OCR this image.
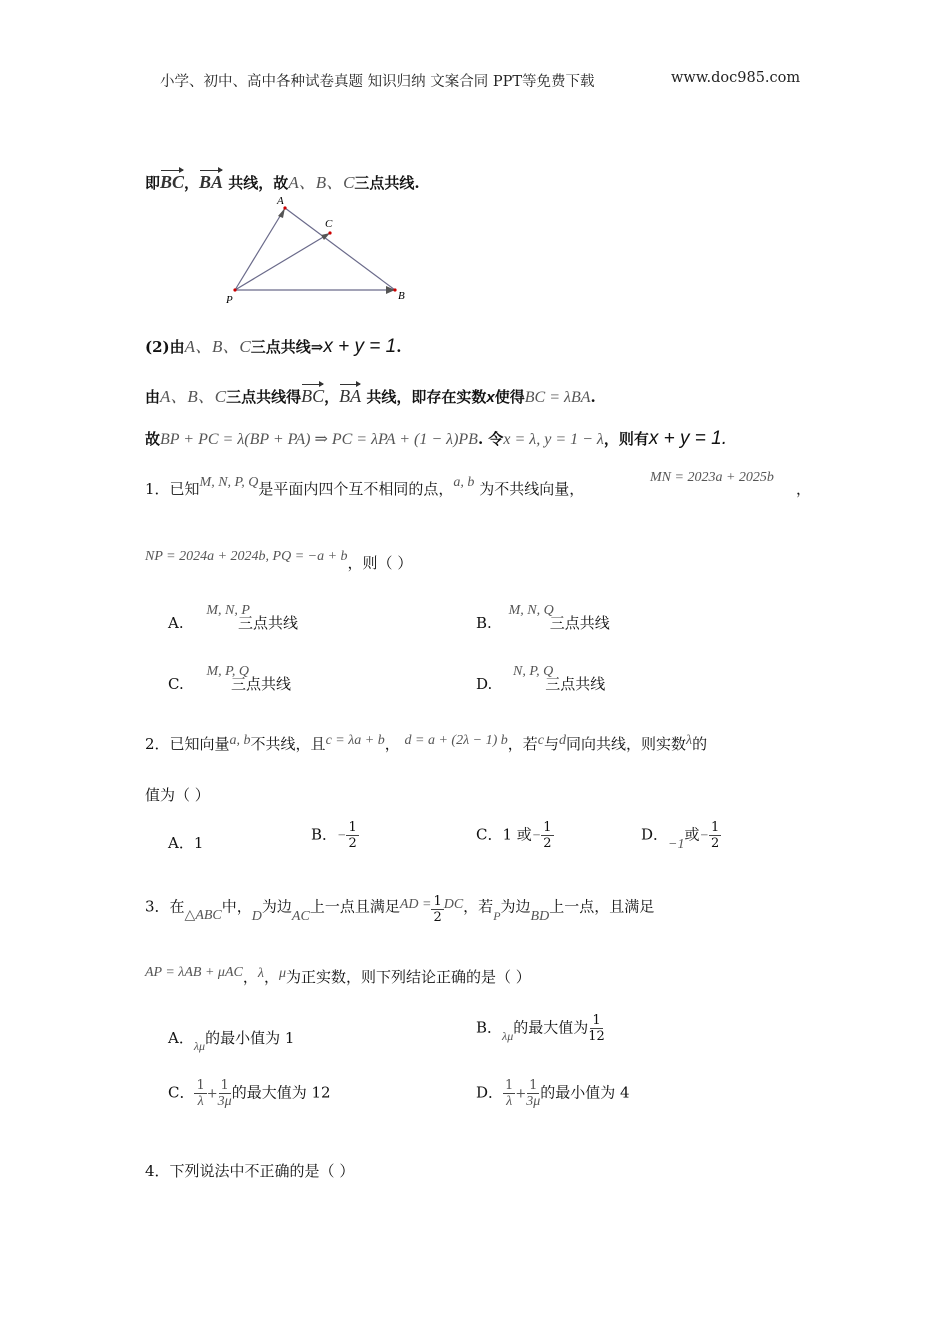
小学、初中、高中各种试卷真题 知识归纳 文案合同 PPT等免费下载	www.doc985.com
即BC，BA 共线，故A、B、C三点共线.
A
C
B
P
(2)由A、B、C三点共线⇒x + y = 1.
由A、B、C三点共线得BC，BA 共线，即存在实数x使得BC = λBA.
故BP + PC = λ(BP + PA) ⇒ PC = λPA + (1 − λ)PB. 令x = λ, y = 1 − λ，则有x + y = 1.
1．已知M, N, P, Q是平面内四个互不相同的点，a, b 为不共线向量，
MN = 2023a + 2025b
，
NP = 2024a + 2024b, PQ = −a + b，则（ ）
A. M, N, P三点共线	B. M, N, Q三点共线
C. M, P, Q三点共线	D. N, P, Q三点共线
2．已知向量a, b不共线，且c = λa + b， d = a + (2λ − 1) b，若c与d同向共线，则实数λ的
值为（ ）
A．1	B．− $\frac{1}{2}$	C．1 或− $\frac{1}{2}$	D．−1或− $\frac{1}{2}$
3．在△ABC中，D为边AC上一点且满足AD = $\frac{1}{2}$ DC，若$_P$为边BD上一点，且满足
AP = λAB + μAC，λ，μ为正实数，则下列结论正确的是（ ）
A．$_{\lambda\mu}$的最小值为 1
B．$_{\lambda\mu}$的最大值为 $\frac{1}{12}$
C． $\frac{1}{\lambda} + \frac{1}{3\mu}$ 的最大值为 12	D． $\frac{1}{\lambda} + \frac{1}{3\mu}$ 的最小值为 4
4．下列说法中不正确的是（ ）
